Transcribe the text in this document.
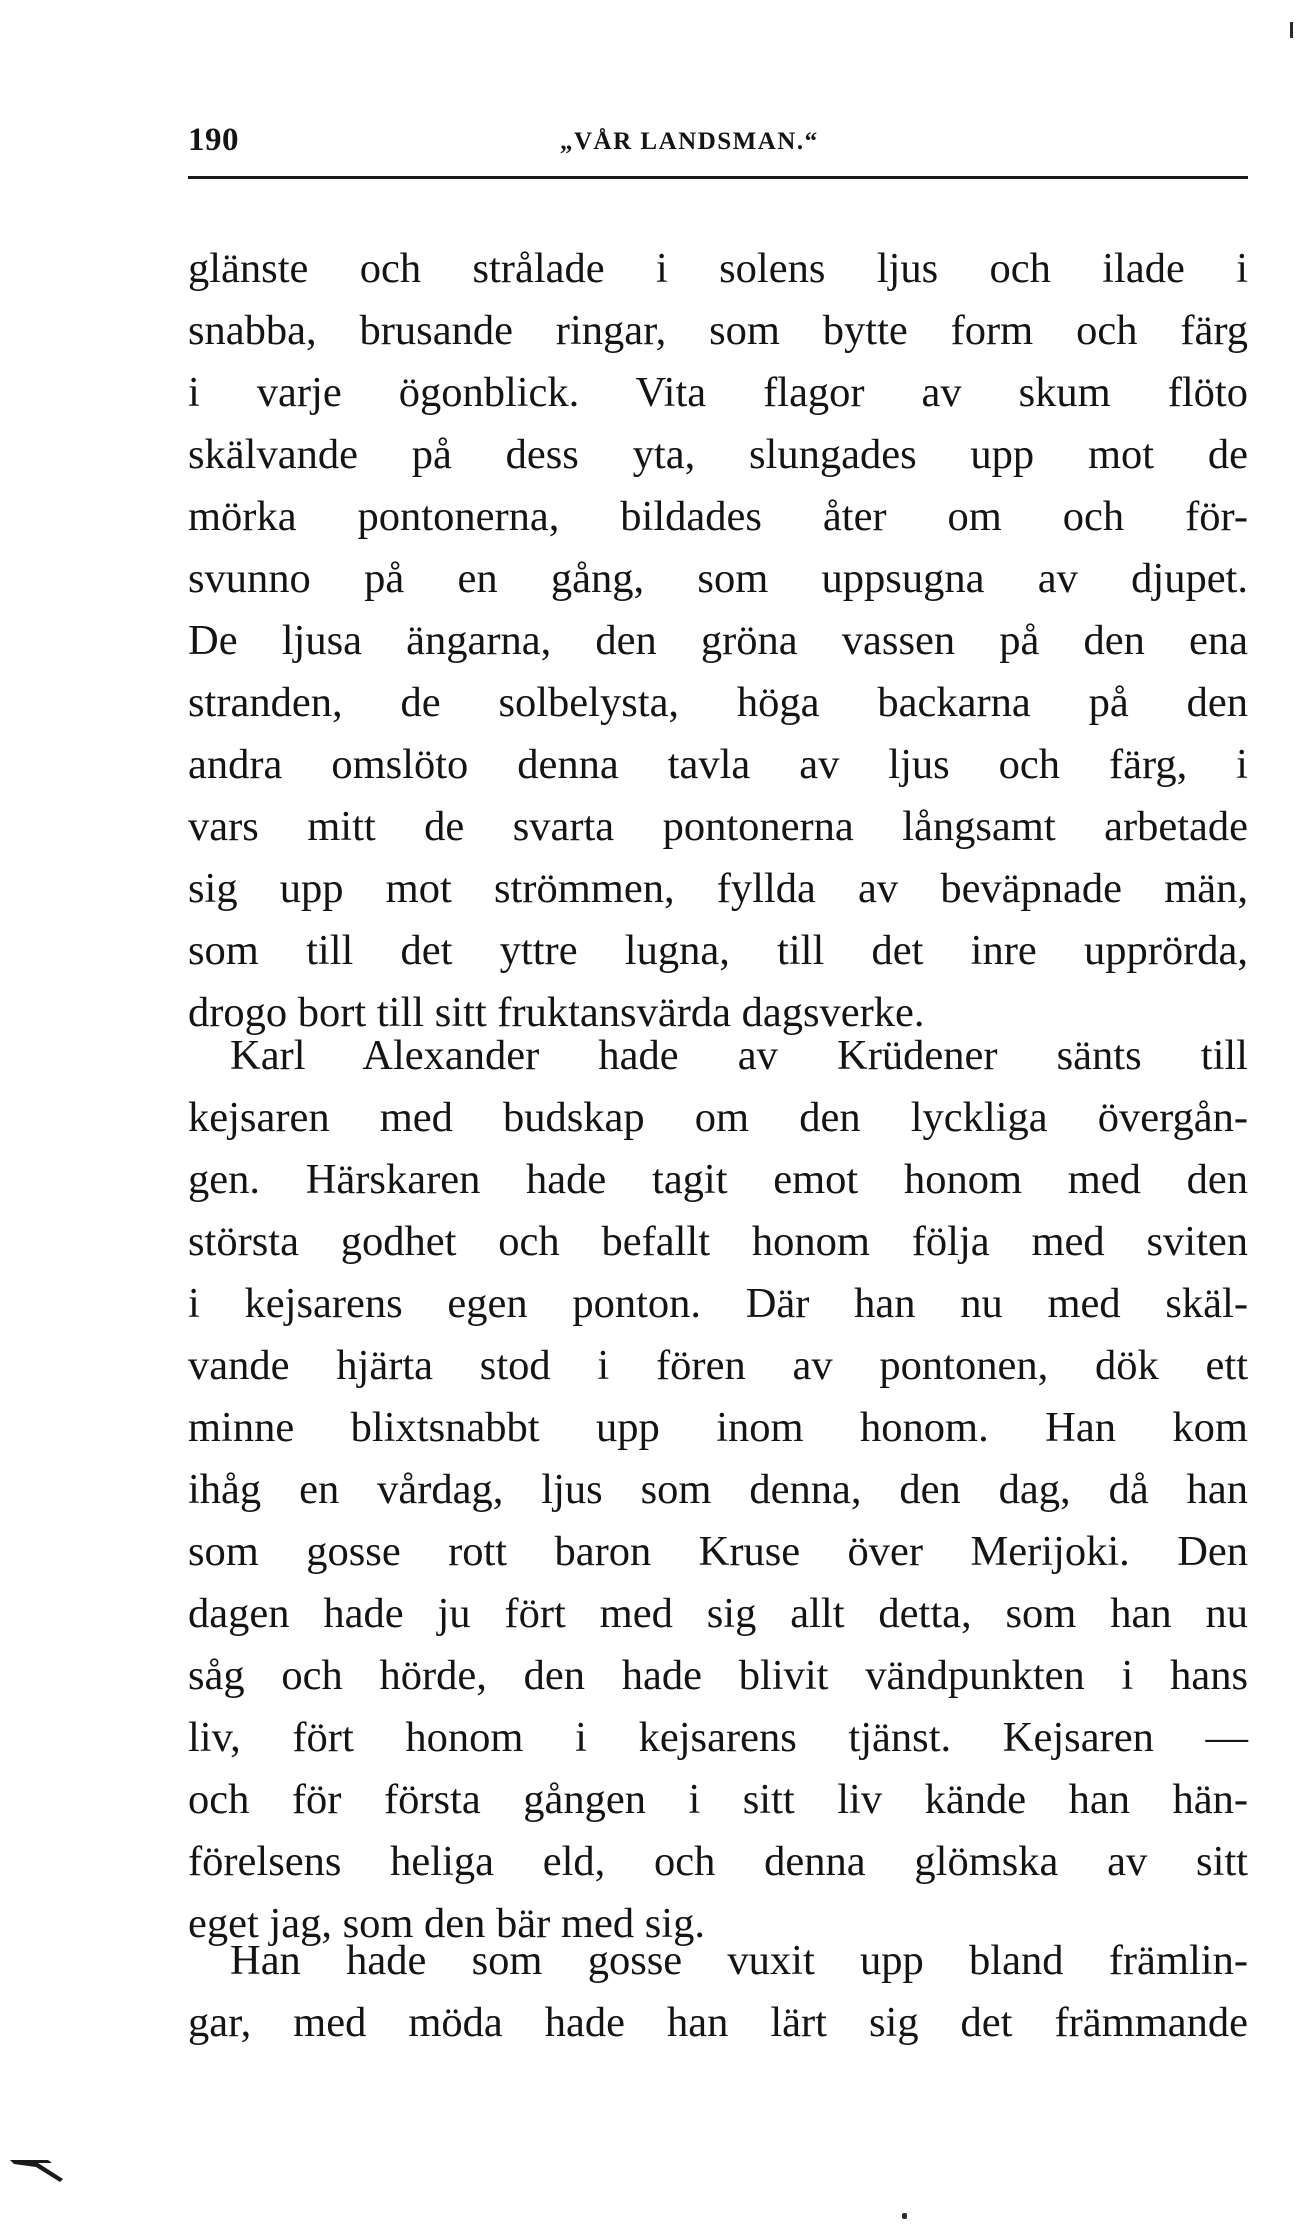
190	„VÅR LANDSMAN.“
glänste och strålade i solens ljus och ilade i
snabba, brusande ringar, som bytte form och färg
i varje ögonblick. Vita flagor av skum flöto
skälvande på dess yta, slungades upp mot de
mörka pontonerna, bildades åter om och för-
svunno på en gång, som uppsugna av djupet.
De ljusa ängarna, den gröna vassen på den ena
stranden, de solbelysta, höga backarna på den
andra omslöto denna tavla av ljus och färg, i
vars mitt de svarta pontonerna långsamt arbetade
sig upp mot strömmen, fyllda av beväpnade män,
som till det yttre lugna, till det inre upprörda,
drogo bort till sitt fruktansvärda dagsverke.
Karl Alexander hade av Krüdener sänts till
kejsaren med budskap om den lyckliga övergån-
gen. Härskaren hade tagit emot honom med den
största godhet och befallt honom följa med sviten
i kejsarens egen ponton. Där han nu med skäl-
vande hjärta stod i fören av pontonen, dök ett
minne blixtsnabbt upp inom honom. Han kom
ihåg en vårdag, ljus som denna, den dag, då han
som gosse rott baron Kruse över Merijoki. Den
dagen hade ju fört med sig allt detta, som han nu
såg och hörde, den hade blivit vändpunkten i hans
liv, fört honom i kejsarens tjänst. Kejsaren —
och för första gången i sitt liv kände han hän-
förelsens heliga eld, och denna glömska av sitt
eget jag, som den bär med sig.
Han hade som gosse vuxit upp bland främlin-
gar, med möda hade han lärt sig det främmande
